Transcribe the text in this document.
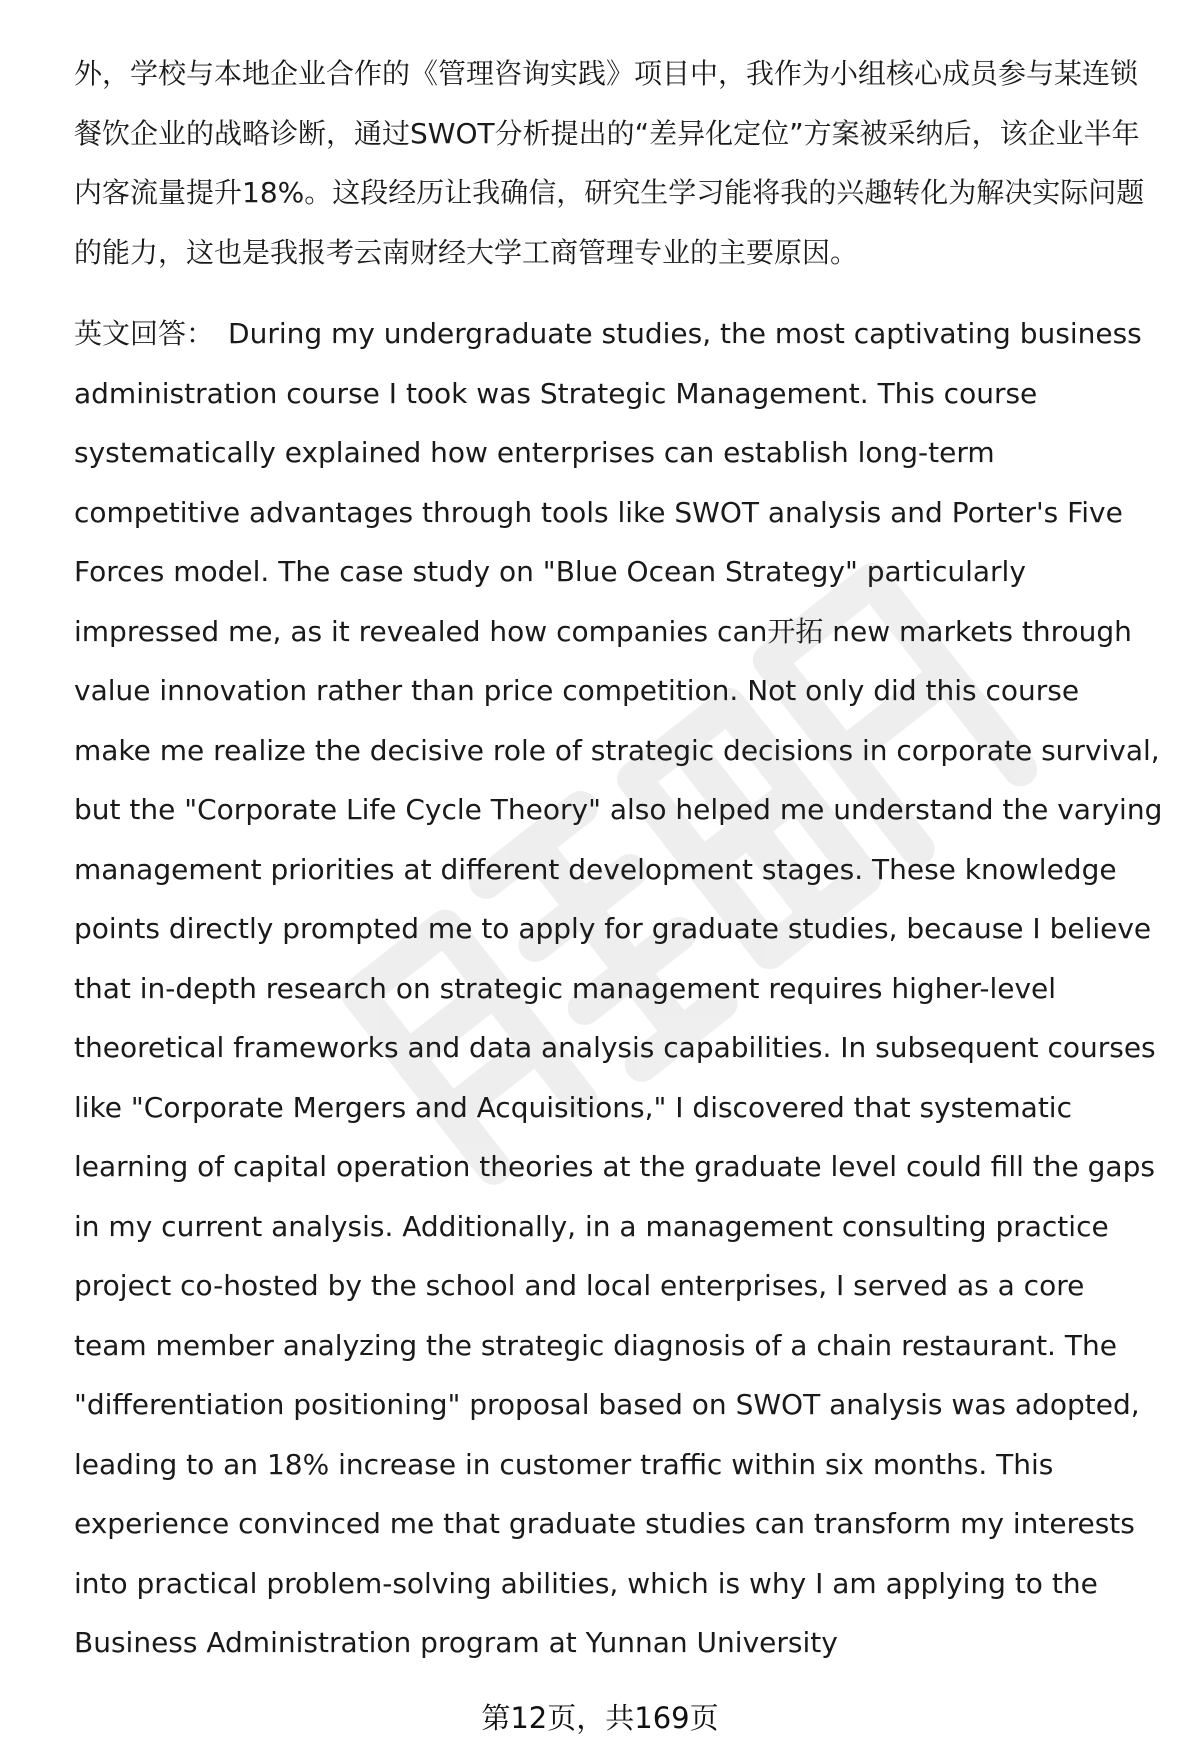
外，学校与本地企业合作的《管理咨询实践》项目中，我作为小组核心成员参与某连锁餐饮企业的战略诊断，通过SWOT分析提出的“差异化定位”方案被采纳后，该企业半年内客流量提升18%。这段经历让我确信，研究生学习能将我的兴趣转化为解决实际问题的能力，这也是我报考云南财经大学工商管理专业的主要原因。

英文回答： During my undergraduate studies, the most captivating business administration course I took was Strategic Management. This course systematically explained how enterprises can establish long-term competitive advantages through tools like SWOT analysis and Porter's Five Forces model. The case study on "Blue Ocean Strategy" particularly impressed me, as it revealed how companies can开拓 new markets through value innovation rather than price competition. Not only did this course make me realize the decisive role of strategic decisions in corporate survival, but the "Corporate Life Cycle Theory" also helped me understand the varying management priorities at different development stages. These knowledge points directly prompted me to apply for graduate studies, because I believe that in-depth research on strategic management requires higher-level theoretical frameworks and data analysis capabilities. In subsequent courses like "Corporate Mergers and Acquisitions," I discovered that systematic learning of capital operation theories at the graduate level could fill the gaps in my current analysis. Additionally, in a management consulting practice project co-hosted by the school and local enterprises, I served as a core team member analyzing the strategic diagnosis of a chain restaurant. The "differentiation positioning" proposal based on SWOT analysis was adopted, leading to an 18% increase in customer traffic within six months. This experience convinced me that graduate studies can transform my interests into practical problem-solving abilities, which is why I am applying to the Business Administration program at Yunnan University

第12页，共169页
